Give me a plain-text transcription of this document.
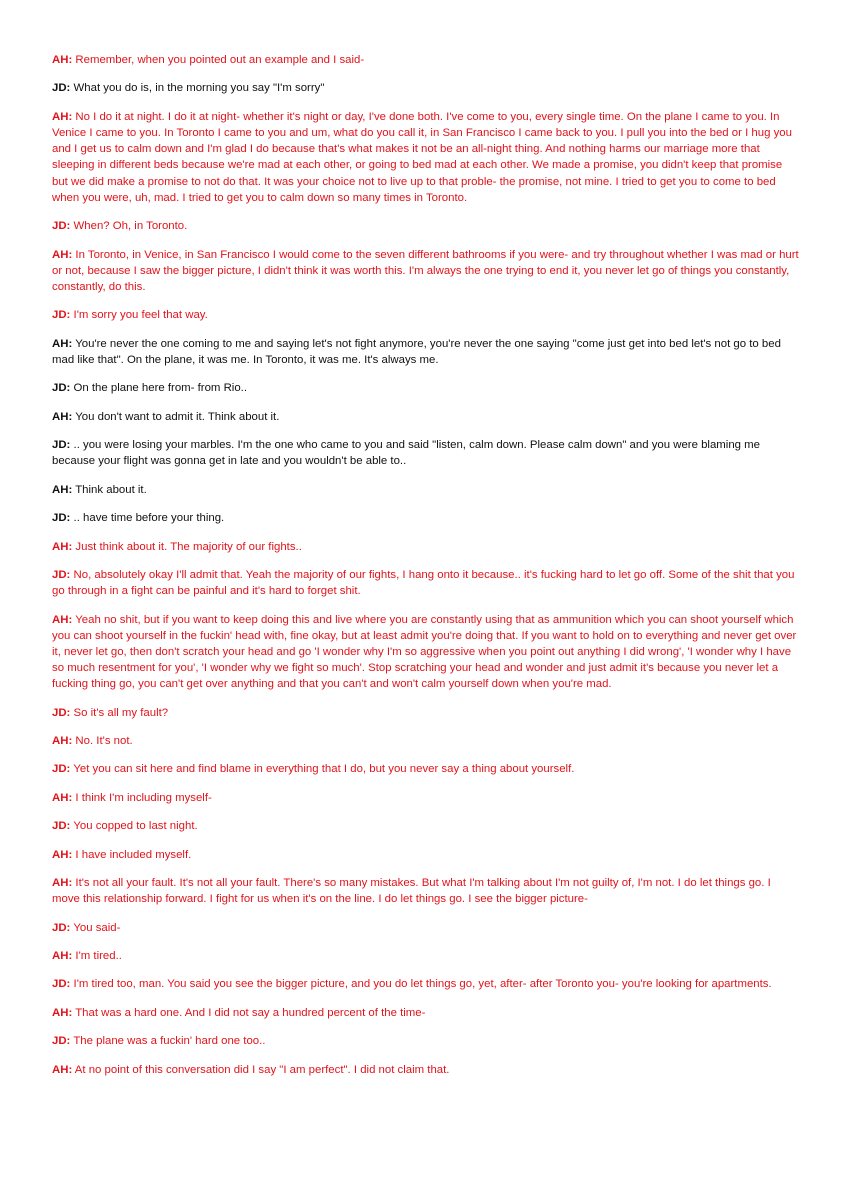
AH: Remember, when you pointed out an example and I said-

JD: What you do is, in the morning you say "I'm sorry"

AH: No I do it at night. I do it at night- whether it's night or day, I've done both. I've come to you, every single time. On the plane I came to you. In Venice I came to you. In Toronto I came to you and um, what do you call it, in San Francisco I came back to you. I pull you into the bed or I hug you and I get us to calm down and I'm glad I do because that's what makes it not be an all-night thing. And nothing harms our marriage more that sleeping in different beds because we're mad at each other, or going to bed mad at each other. We made a promise, you didn't keep that promise but we did make a promise to not do that. It was your choice not to live up to that proble- the promise, not mine. I tried to get you to come to bed when you were, uh, mad. I tried to get you to calm down so many times in Toronto.

JD: When? Oh, in Toronto.

AH: In Toronto, in Venice, in San Francisco I would come to the seven different bathrooms if you were- and try throughout whether I was mad or hurt or not, because I saw the bigger picture, I didn't think it was worth this. I'm always the one trying to end it, you never let go of things you constantly, constantly, do this.

JD: I'm sorry you feel that way.

AH: You're never the one coming to me and saying let's not fight anymore, you're never the one saying "come just get into bed let's not go to bed mad like that". On the plane, it was me. In Toronto, it was me. It's always me.

JD: On the plane here from- from Rio..

AH: You don't want to admit it. Think about it.

JD: .. you were losing your marbles. I'm the one who came to you and said "listen, calm down. Please calm down" and you were blaming me because your flight was gonna get in late and you wouldn't be able to..

AH: Think about it.

JD: .. have time before your thing.

AH: Just think about it. The majority of our fights..

JD: No, absolutely okay I'll admit that. Yeah the majority of our fights, I hang onto it because.. it's fucking hard to let go off. Some of the shit that you go through in a fight can be painful and it's hard to forget shit.

AH: Yeah no shit, but if you want to keep doing this and live where you are constantly using that as ammunition which you can shoot yourself which you can shoot yourself in the fuckin' head with, fine okay, but at least admit you're doing that. If you want to hold on to everything and never get over it, never let go, then don't scratch your head and go 'I wonder why I'm so aggressive when you point out anything I did wrong', 'I wonder why I have so much resentment for you', 'I wonder why we fight so much'. Stop scratching your head and wonder and just admit it's because you never let a fucking thing go, you can't get over anything and that you can't and won't calm yourself down when you're mad.

JD: So it's all my fault?

AH: No. It's not.

JD: Yet you can sit here and find blame in everything that I do, but you never say a thing about yourself.

AH: I think I'm including myself-

JD: You copped to last night.

AH: I have included myself.

AH: It's not all your fault. It's not all your fault. There's so many mistakes. But what I'm talking about I'm not guilty of, I'm not. I do let things go. I move this relationship forward. I fight for us when it's on the line. I do let things go. I see the bigger picture-

JD: You said-

AH: I'm tired..

JD: I'm tired too, man. You said you see the bigger picture, and you do let things go, yet, after- after Toronto you- you're looking for apartments.

AH: That was a hard one. And I did not say a hundred percent of the time-

JD: The plane was a fuckin' hard one too..

AH: At no point of this conversation did I say "I am perfect". I did not claim that.
